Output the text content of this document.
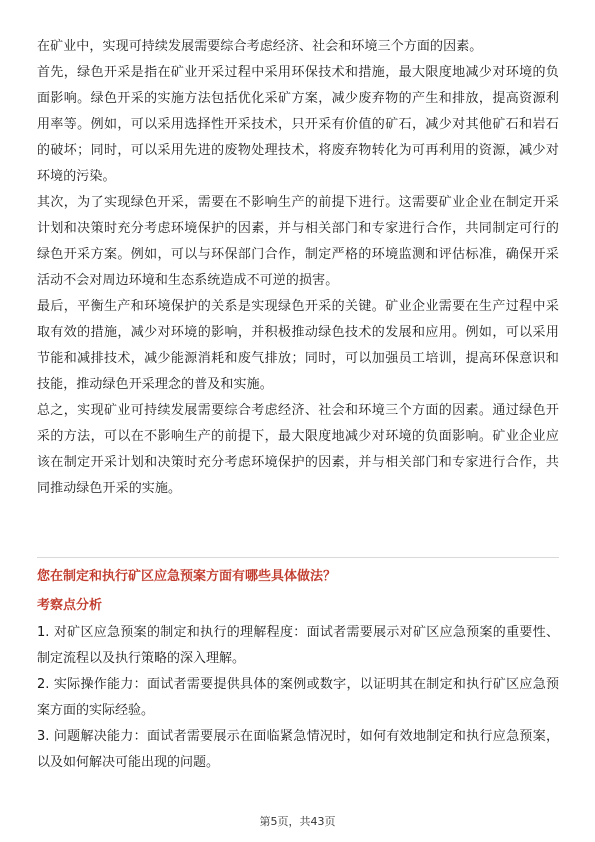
在矿业中，实现可持续发展需要综合考虑经济、社会和环境三个方面的因素。

首先，绿色开采是指在矿业开采过程中采用环保技术和措施，最大限度地减少对环境的负面影响。绿色开采的实施方法包括优化采矿方案，减少废弃物的产生和排放，提高资源利用率等。例如，可以采用选择性开采技术，只开采有价值的矿石，减少对其他矿石和岩石的破坏；同时，可以采用先进的废物处理技术，将废弃物转化为可再利用的资源，减少对环境的污染。

其次，为了实现绿色开采，需要在不影响生产的前提下进行。这需要矿业企业在制定开采计划和决策时充分考虑环境保护的因素，并与相关部门和专家进行合作，共同制定可行的绿色开采方案。例如，可以与环保部门合作，制定严格的环境监测和评估标准，确保开采活动不会对周边环境和生态系统造成不可逆的损害。

最后，平衡生产和环境保护的关系是实现绿色开采的关键。矿业企业需要在生产过程中采取有效的措施，减少对环境的影响，并积极推动绿色技术的发展和应用。例如，可以采用节能和减排技术，减少能源消耗和废气排放；同时，可以加强员工培训，提高环保意识和技能，推动绿色开采理念的普及和实施。

总之，实现矿业可持续发展需要综合考虑经济、社会和环境三个方面的因素。通过绿色开采的方法，可以在不影响生产的前提下，最大限度地减少对环境的负面影响。矿业企业应该在制定开采计划和决策时充分考虑环境保护的因素，并与相关部门和专家进行合作，共同推动绿色开采的实施。

您在制定和执行矿区应急预案方面有哪些具体做法？

考察点分析

1. 对矿区应急预案的制定和执行的理解程度：面试者需要展示对矿区应急预案的重要性、制定流程以及执行策略的深入理解。

2. 实际操作能力：面试者需要提供具体的案例或数字，以证明其在制定和执行矿区应急预案方面的实际经验。

3. 问题解决能力：面试者需要展示在面临紧急情况时，如何有效地制定和执行应急预案，以及如何解决可能出现的问题。

第5页，共43页
